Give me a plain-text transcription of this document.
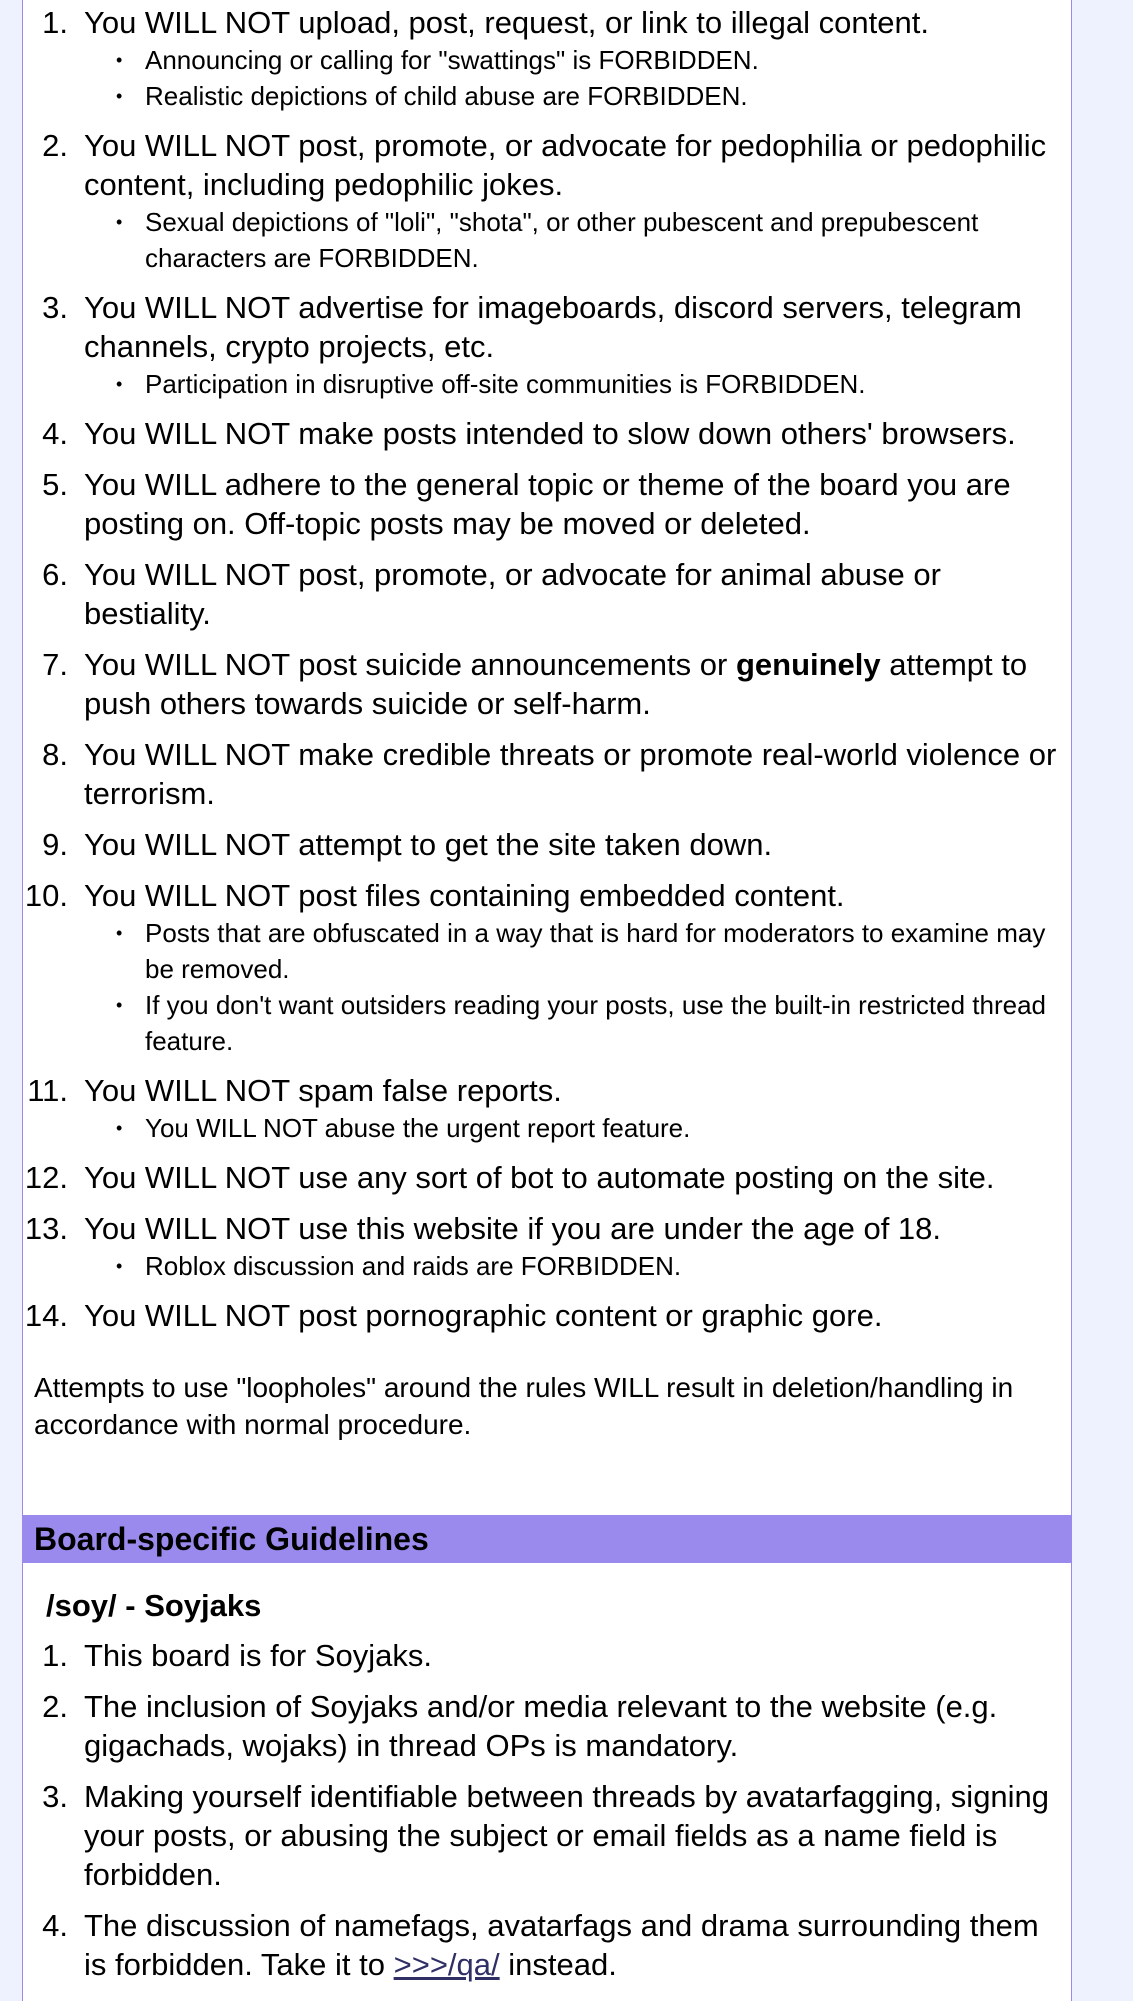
1. You WILL NOT upload, post, request, or link to illegal content.
• Announcing or calling for "swattings" is FORBIDDEN.
• Realistic depictions of child abuse are FORBIDDEN.
2. You WILL NOT post, promote, or advocate for pedophilia or pedophilic content, including pedophilic jokes.
• Sexual depictions of "loli", "shota", or other pubescent and prepubescent characters are FORBIDDEN.
3. You WILL NOT advertise for imageboards, discord servers, telegram channels, crypto projects, etc.
• Participation in disruptive off-site communities is FORBIDDEN.
4. You WILL NOT make posts intended to slow down others' browsers.
5. You WILL adhere to the general topic or theme of the board you are posting on. Off-topic posts may be moved or deleted.
6. You WILL NOT post, promote, or advocate for animal abuse or bestiality.
7. You WILL NOT post suicide announcements or genuinely attempt to push others towards suicide or self-harm.
8. You WILL NOT make credible threats or promote real-world violence or terrorism.
9. You WILL NOT attempt to get the site taken down.
10. You WILL NOT post files containing embedded content.
• Posts that are obfuscated in a way that is hard for moderators to examine may be removed.
• If you don't want outsiders reading your posts, use the built-in restricted thread feature.
11. You WILL NOT spam false reports.
• You WILL NOT abuse the urgent report feature.
12. You WILL NOT use any sort of bot to automate posting on the site.
13. You WILL NOT use this website if you are under the age of 18.
• Roblox discussion and raids are FORBIDDEN.
14. You WILL NOT post pornographic content or graphic gore.
Attempts to use "loopholes" around the rules WILL result in deletion/handling in accordance with normal procedure.
Board-specific Guidelines
/soy/ - Soyjaks
1. This board is for Soyjaks.
2. The inclusion of Soyjaks and/or media relevant to the website (e.g. gigachads, wojaks) in thread OPs is mandatory.
3. Making yourself identifiable between threads by avatarfagging, signing your posts, or abusing the subject or email fields as a name field is forbidden.
4. The discussion of namefags, avatarfags and drama surrounding them is forbidden. Take it to >>>/qa/ instead.
